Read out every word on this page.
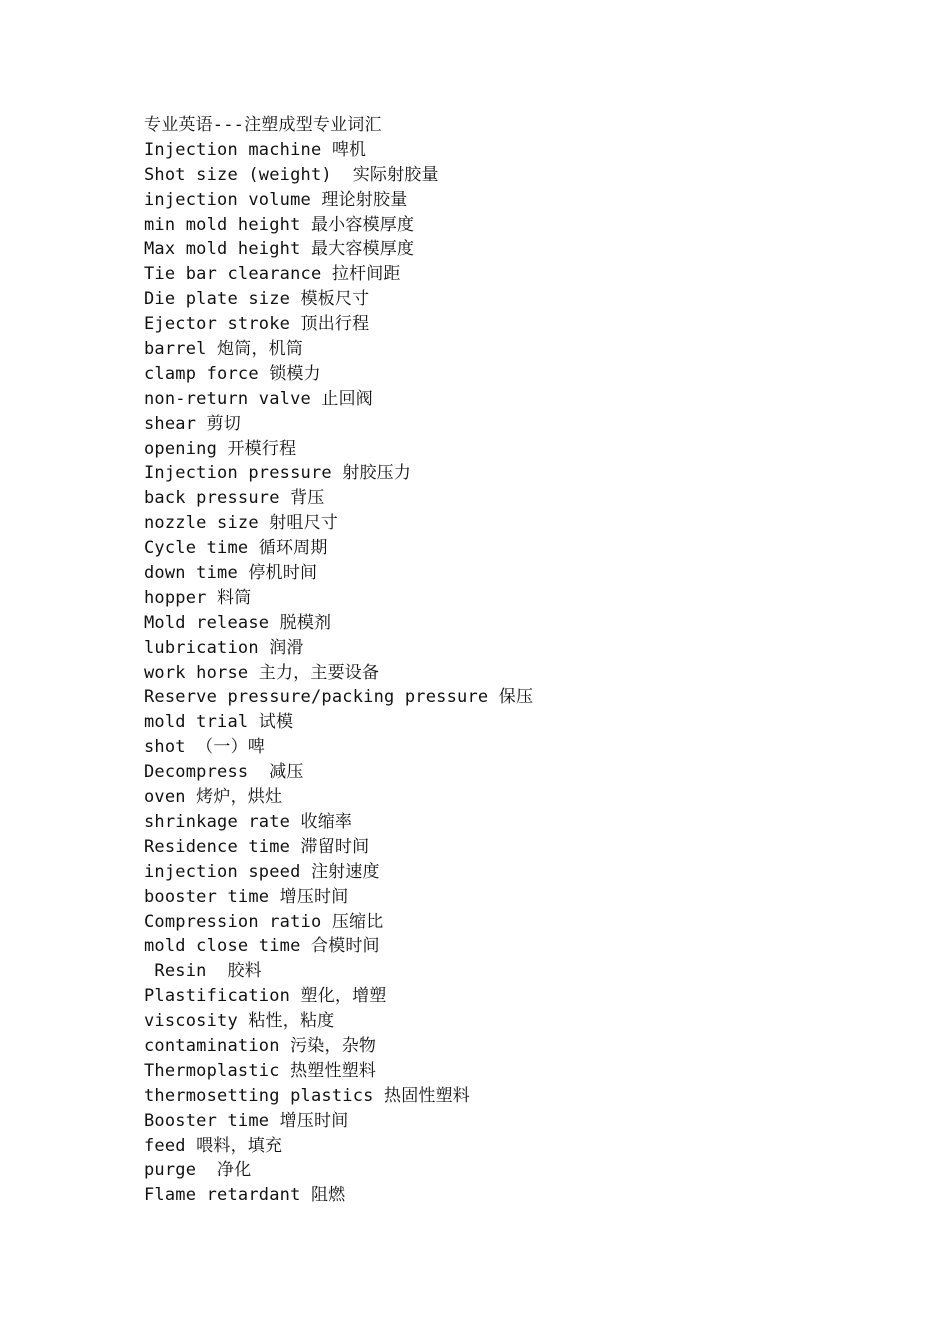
专业英语---注塑成型专业词汇
Injection machine 啤机
Shot size (weight)  实际射胶量
injection volume 理论射胶量
min mold height 最小容模厚度
Max mold height 最大容模厚度
Tie bar clearance 拉杆间距
Die plate size 模板尺寸
Ejector stroke 顶出行程
barrel 炮筒，机筒
clamp force 锁模力
non-return valve 止回阀
shear 剪切
opening 开模行程
Injection pressure 射胶压力
back pressure 背压
nozzle size 射咀尺寸
Cycle time 循环周期
down time 停机时间
hopper 料筒
Mold release 脱模剂
lubrication 润滑
work horse 主力，主要设备
Reserve pressure/packing pressure 保压
mold trial 试模
shot （一）啤
Decompress  减压
oven 烤炉，烘灶
shrinkage rate 收缩率
Residence time 滞留时间
injection speed 注射速度
booster time 增压时间
Compression ratio 压缩比
mold close time 合模时间
Resin  胶料
Plastification 塑化，增塑
viscosity 粘性，粘度
contamination 污染，杂物
Thermoplastic 热塑性塑料
thermosetting plastics 热固性塑料
Booster time 增压时间
feed 喂料，填充
purge  净化
Flame retardant 阻燃
